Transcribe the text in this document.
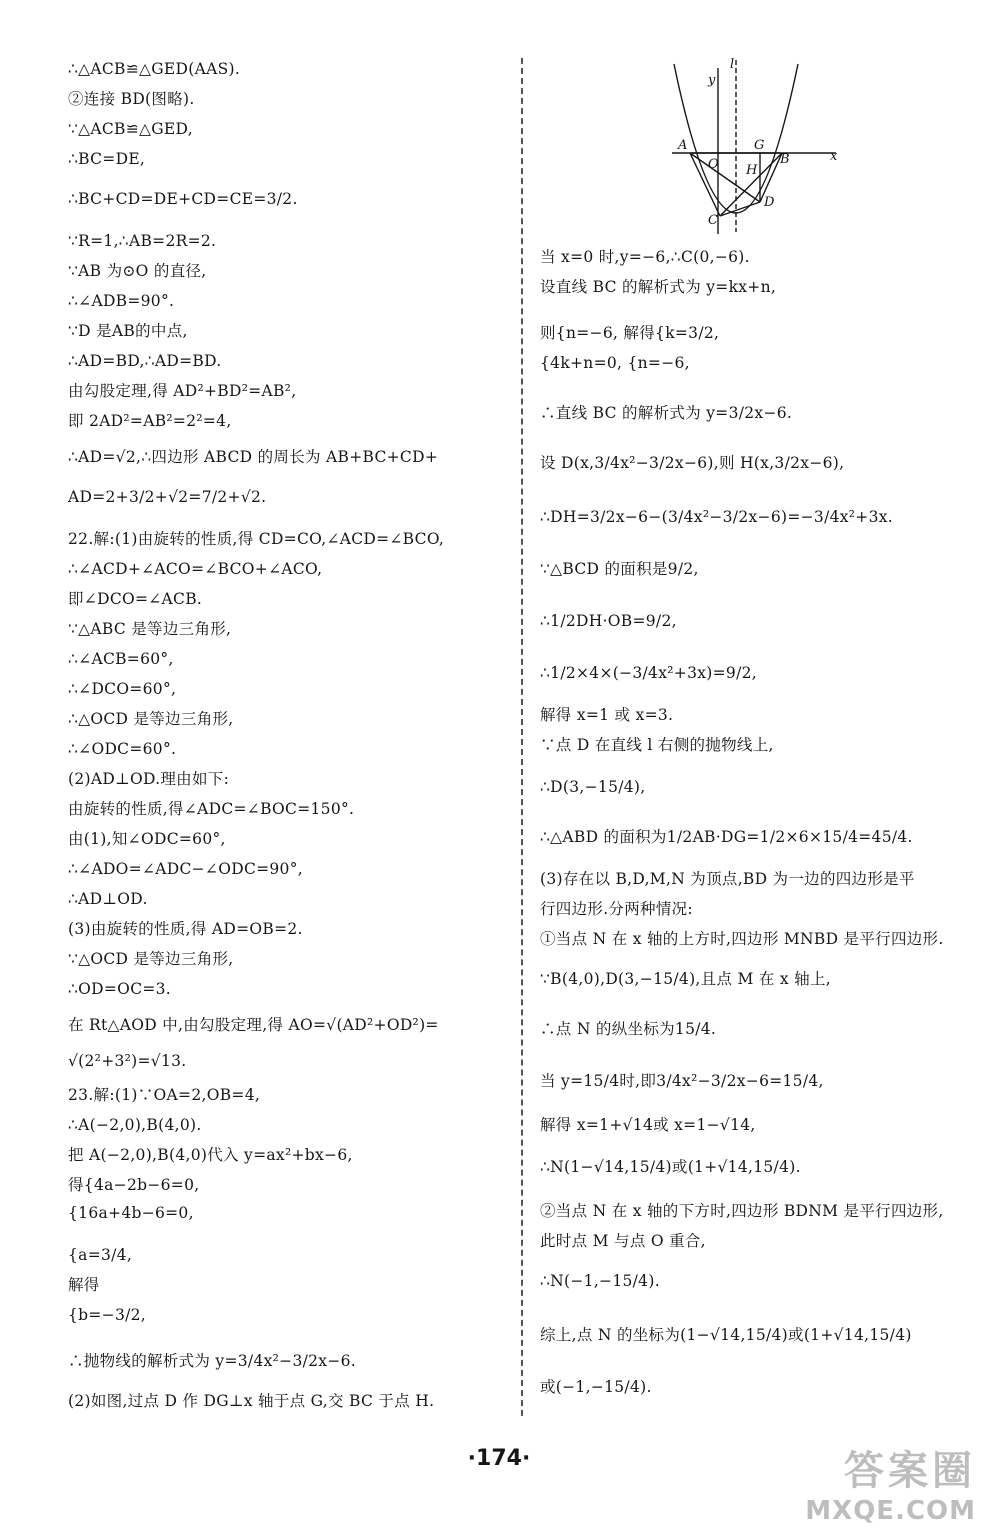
∴△ACB≌△GED(AAS).
②连接 BD(图略).
∵△ACB≌△GED,
∴BC=DE,
∴BC+CD=DE+CD=CE=3/2.
∵R=1,∴AB=2R=2.
∵AB 为⊙O 的直径,
∴∠ADB=90°.
∵D 是AB的中点,
∴AD=BD,∴AD=BD.
由勾股定理,得 AD²+BD²=AB²,
即 2AD²=AB²=2²=4,
∴AD=√2,∴四边形 ABCD 的周长为 AB+BC+CD+
AD=2+3/2+√2=7/2+√2.
22.解:(1)由旋转的性质,得 CD=CO,∠ACD=∠BCO,
∴∠ACD+∠ACO=∠BCO+∠ACO,
即∠DCO=∠ACB.
∵△ABC 是等边三角形,
∴∠ACB=60°,
∴∠DCO=60°,
∴△OCD 是等边三角形,
∴∠ODC=60°.
(2)AD⊥OD.理由如下:
由旋转的性质,得∠ADC=∠BOC=150°.
由(1),知∠ODC=60°,
∴∠ADO=∠ADC−∠ODC=90°,
∴AD⊥OD.
(3)由旋转的性质,得 AD=OB=2.
∵△OCD 是等边三角形,
∴OD=OC=3.
在 Rt△AOD 中,由勾股定理,得 AO=√(AD²+OD²)=
√(2²+3²)=√13.
23.解:(1)∵OA=2,OB=4,
∴A(−2,0),B(4,0).
把 A(−2,0),B(4,0)代入 y=ax²+bx−6,
得{4a−2b−6=0,
{16a+4b−6=0,
{a=3/4,
解得
{b=−3/2,
∴抛物线的解析式为 y=3/4x²−3/2x−6.
(2)如图,过点 D 作 DG⊥x 轴于点 G,交 BC 于点 H.
y
l
x
A
O
G
B
H
C
D
当 x=0 时,y=−6,∴C(0,−6).
设直线 BC 的解析式为 y=kx+n,
则{n=−6, 解得{k=3/2,
{4k+n=0, {n=−6,
∴直线 BC 的解析式为 y=3/2x−6.
设 D(x,3/4x²−3/2x−6),则 H(x,3/2x−6),
∴DH=3/2x−6−(3/4x²−3/2x−6)=−3/4x²+3x.
∵△BCD 的面积是9/2,
∴1/2DH·OB=9/2,
∴1/2×4×(−3/4x²+3x)=9/2,
解得 x=1 或 x=3.
∵点 D 在直线 l 右侧的抛物线上,
∴D(3,−15/4),
∴△ABD 的面积为1/2AB·DG=1/2×6×15/4=45/4.
(3)存在以 B,D,M,N 为顶点,BD 为一边的四边形是平
行四边形.分两种情况:
①当点 N 在 x 轴的上方时,四边形 MNBD 是平行四边形.
∵B(4,0),D(3,−15/4),且点 M 在 x 轴上,
∴点 N 的纵坐标为15/4.
当 y=15/4时,即3/4x²−3/2x−6=15/4,
解得 x=1+√14或 x=1−√14,
∴N(1−√14,15/4)或(1+√14,15/4).
②当点 N 在 x 轴的下方时,四边形 BDNM 是平行四边形,
此时点 M 与点 O 重合,
∴N(−1,−15/4).
综上,点 N 的坐标为(1−√14,15/4)或(1+√14,15/4)
或(−1,−15/4).
·174·	答案圈
MXQE.COM
